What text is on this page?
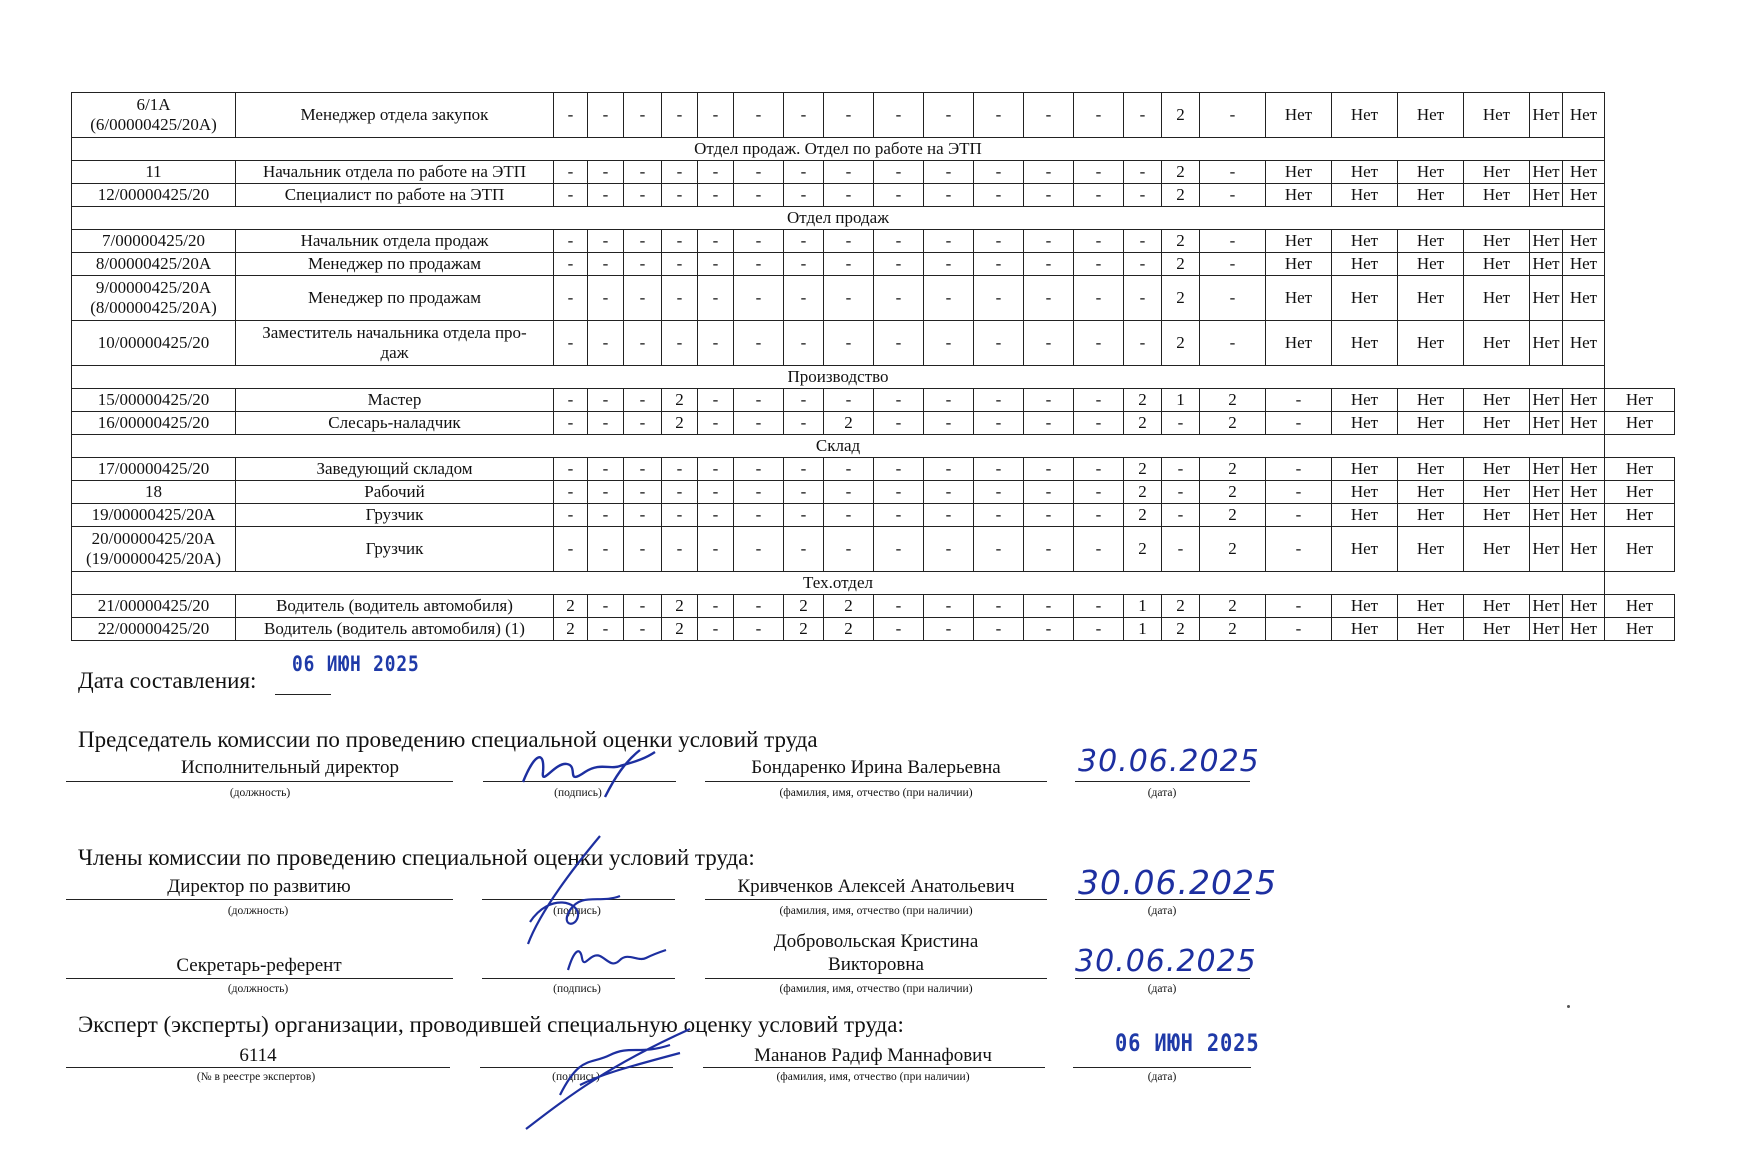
6/1А
(6/00000425/20А)	Менеджер отдела закупок	-	-	-	-	-	-	-	-	-	-	-	-	-	-	2	-	Нет	Нет	Нет	Нет	Нет	Нет	
Отдел продаж. Отдел по работе на ЭТП																								
11	Начальник отдела по работе на ЭТП	-	-	-	-	-	-	-	-	-	-	-	-	-	-	2	-	Нет	Нет	Нет	Нет	Нет	Нет	
12/00000425/20	Специалист по работе на ЭТП	-	-	-	-	-	-	-	-	-	-	-	-	-	-	2	-	Нет	Нет	Нет	Нет	Нет	Нет	
Отдел продаж																								
7/00000425/20	Начальник отдела продаж	-	-	-	-	-	-	-	-	-	-	-	-	-	-	2	-	Нет	Нет	Нет	Нет	Нет	Нет	
8/00000425/20А	Менеджер по продажам	-	-	-	-	-	-	-	-	-	-	-	-	-	-	2	-	Нет	Нет	Нет	Нет	Нет	Нет	
9/00000425/20А
(8/00000425/20А)	Менеджер по продажам	-	-	-	-	-	-	-	-	-	-	-	-	-	-	2	-	Нет	Нет	Нет	Нет	Нет	Нет	
10/00000425/20	Заместитель начальника отдела про-
даж	-	-	-	-	-	-	-	-	-	-	-	-	-	-	2	-	Нет	Нет	Нет	Нет	Нет	Нет	
Производство																								
15/00000425/20	Мастер	-	-	-	2	-	-	-	-	-	-	-	-	-	2	1	2	-	Нет	Нет	Нет	Нет	Нет	Нет
16/00000425/20	Слесарь-наладчик	-	-	-	2	-	-	-	2	-	-	-	-	-	2	-	2	-	Нет	Нет	Нет	Нет	Нет	Нет
Склад																								
17/00000425/20	Заведующий складом	-	-	-	-	-	-	-	-	-	-	-	-	-	2	-	2	-	Нет	Нет	Нет	Нет	Нет	Нет
18	Рабочий	-	-	-	-	-	-	-	-	-	-	-	-	-	2	-	2	-	Нет	Нет	Нет	Нет	Нет	Нет
19/00000425/20А	Грузчик	-	-	-	-	-	-	-	-	-	-	-	-	-	2	-	2	-	Нет	Нет	Нет	Нет	Нет	Нет
20/00000425/20А
(19/00000425/20А)	Грузчик	-	-	-	-	-	-	-	-	-	-	-	-	-	2	-	2	-	Нет	Нет	Нет	Нет	Нет	Нет
Тех.отдел																								
21/00000425/20	Водитель (водитель автомобиля)	2	-	-	2	-	-	2	2	-	-	-	-	-	1	2	2	-	Нет	Нет	Нет	Нет	Нет	Нет
22/00000425/20	Водитель (водитель автомобиля) (1)	2	-	-	2	-	-	2	2	-	-	-	-	-	1	2	2	-	Нет	Нет	Нет	Нет	Нет	Нет
Дата составления:
06 ИЮН 2025
Председатель комиссии по проведению специальной оценки условий труда
Исполнительный директор
(должность)	(подпись)
Бондаренко Ирина Валерьевна
(фамилия, имя, отчество (при наличии)
30.06.2025
(дата)
Члены комиссии по проведению специальной оценки условий труда:
Директор по развитию
(должность)	(подпись)
Кривченков Алексей Анатольевич
(фамилия, имя, отчество (при наличии)
30.06.2025
(дата)
Секретарь-референт
(должность)	(подпись)
Добровольская Кристина
Викторовна
(фамилия, имя, отчество (при наличии)
30.06.2025
(дата)
Эксперт (эксперты) организации, проводившей специальную оценку условий труда:
6114
(№ в реестре экспертов)	(подпись)
Мананов Радиф Маннафович
(фамилия, имя, отчество (при наличии)
06 ИЮН 2025
(дата)
